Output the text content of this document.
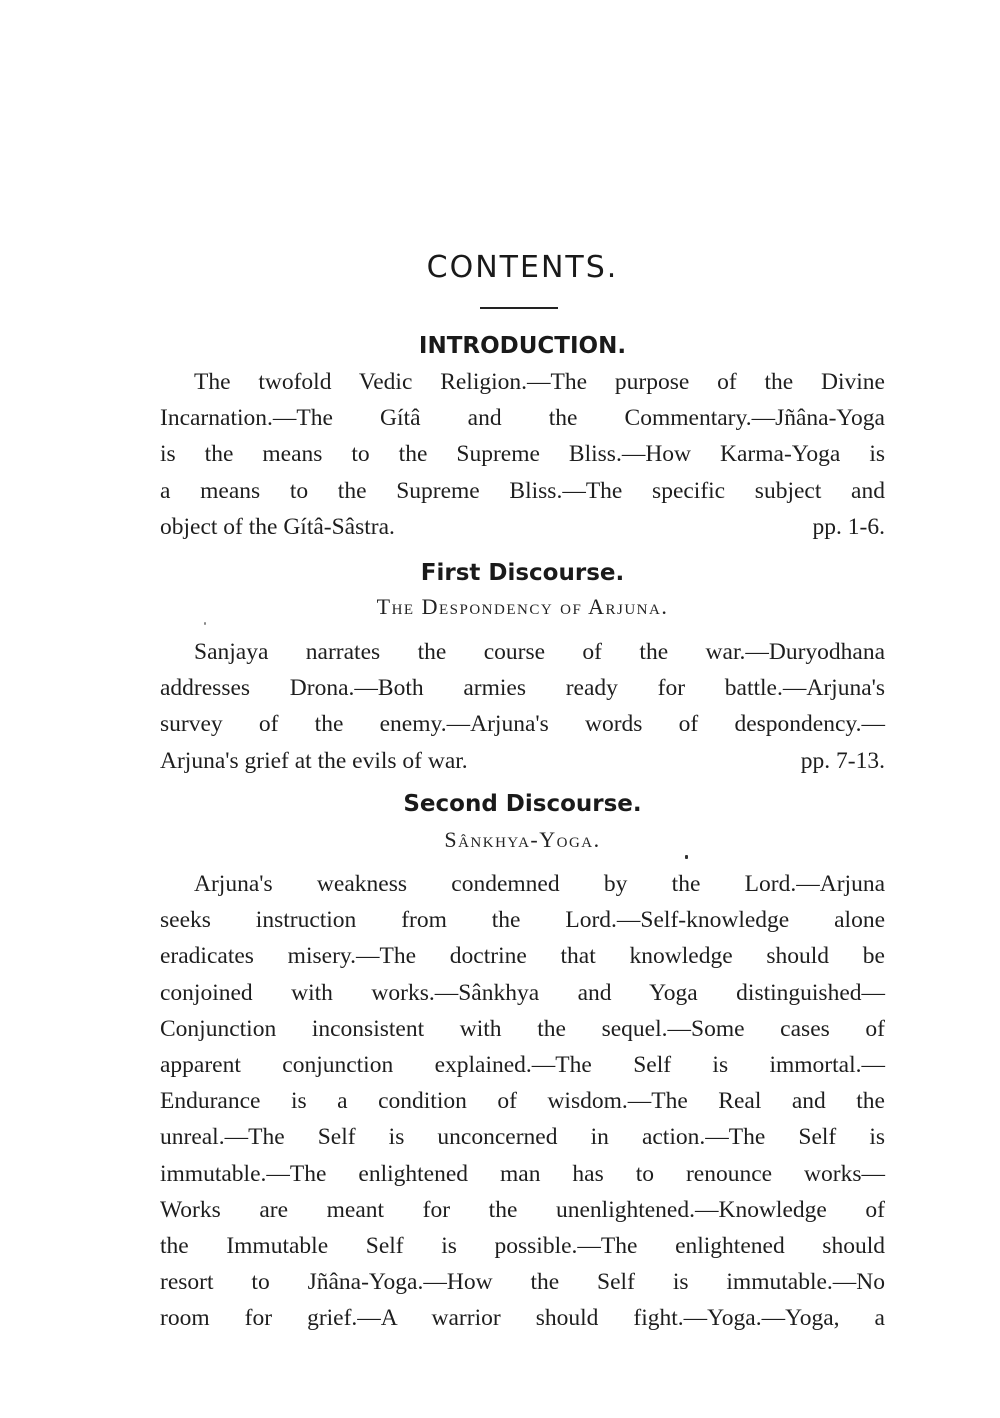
CONTENTS.
INTRODUCTION.
The twofold Vedic Religion.—The purpose of the Divine
Incarnation.—The Gítâ and the Commentary.—Jñâna-Yoga
is the means to the Supreme Bliss.—How Karma-Yoga is
a means to the Supreme Bliss.—The specific subject and
object of the Gítâ-Sâstra.	pp. 1-6.
First Discourse.
The Despondency of Arjuna.
Sanjaya narrates the course of the war.—Duryodhana
addresses Drona.—Both armies ready for battle.—Arjuna's
survey of the enemy.—Arjuna's words of despondency.—
Arjuna's grief at the evils of war.	pp. 7-13.
Second Discourse.
Sânkhya-Yoga.
Arjuna's weakness condemned by the Lord.—Arjuna
seeks instruction from the Lord.—Self-knowledge alone
eradicates misery.—The doctrine that knowledge should be
conjoined with works.—Sânkhya and Yoga distinguished—
Conjunction inconsistent with the sequel.—Some cases of
apparent conjunction explained.—The Self is immortal.—
Endurance is a condition of wisdom.—The Real and the
unreal.—The Self is unconcerned in action.—The Self is
immutable.—The enlightened man has to renounce works—
Works are meant for the unenlightened.—Knowledge of
the Immutable Self is possible.—The enlightened should
resort to Jñâna-Yoga.—How the Self is immutable.—No
room for grief.—A warrior should fight.—Yoga.—Yoga, a
